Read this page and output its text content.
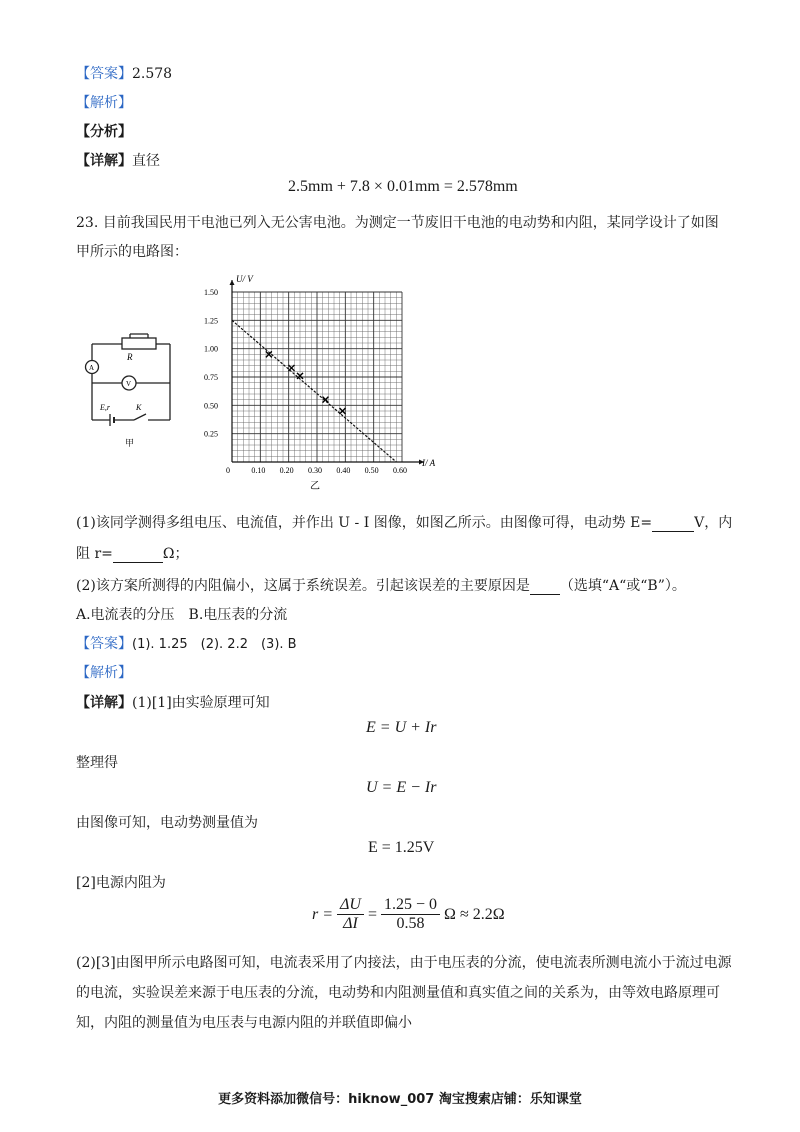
【答案】2.578
【解析】
【分析】
【详解】直径
2.5mm + 7.8 × 0.01mm = 2.578mm
23. 目前我国民用干电池已列入无公害电池。为测定一节废旧干电池的电动势和内阻，某同学设计了如图
甲所示的电路图：
R
A
V
E,r	K
甲
0.10 0.20 0.30 0.40 0.50 0.60
1.50
1.25
1.00
0.75
0.50
0.25
U/ V
I/ A
0
乙
(1)该同学测得多组电压、电流值，并作出 U - I 图像，如图乙所示。由图像可得，电动势 E=	V，内
阻 r=	Ω；
(2)该方案所测得的内阻偏小，这属于系统误差。引起该误差的主要原因是 （选填“A“或“B”）。
A.电流表的分压　B.电压表的分流
【答案】(1). 1.25　(2). 2.2　(3). B
【解析】
【详解】(1)[1]由实验原理可知
E = U + Ir
整理得
U = E − Ir
由图像可知，电动势测量值为
E = 1.25V
[2]电源内阻为
$r = \frac{\Delta U}{\Delta I} = \frac{1.25 - 0}{0.58}$ Ω ≈ 2.2Ω
(2)[3]由图甲所示电路图可知，电流表采用了内接法，由于电压表的分流，使电流表所测电流小于流过电源
的电流，实验误差来源于电压表的分流，电动势和内阻测量值和真实值之间的关系为，由等效电路原理可
知，内阻的测量值为电压表与电源内阻的并联值即偏小
更多资料添加微信号：hiknow_007 淘宝搜索店铺：乐知课堂
